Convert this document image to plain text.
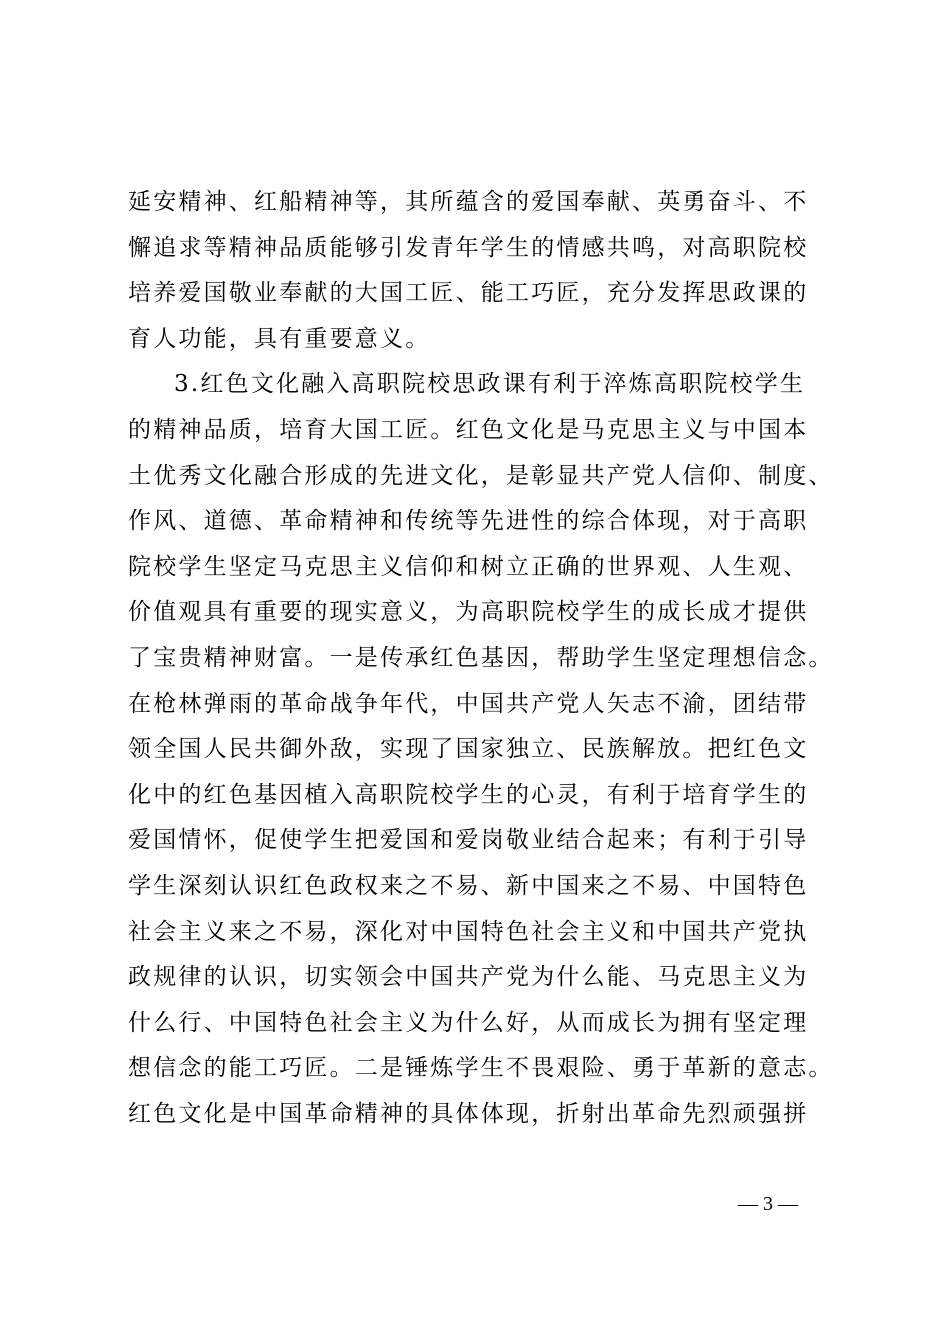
延安精神、红船精神等，其所蕴含的爱国奉献、英勇奋斗、不
懈追求等精神品质能够引发青年学生的情感共鸣，对高职院校
培养爱国敬业奉献的大国工匠、能工巧匠，充分发挥思政课的
育人功能，具有重要意义。
3.红色文化融入高职院校思政课有利于淬炼高职院校学生
的精神品质，培育大国工匠。红色文化是马克思主义与中国本
土优秀文化融合形成的先进文化，是彰显共产党人信仰、制度、
作风、道德、革命精神和传统等先进性的综合体现，对于高职
院校学生坚定马克思主义信仰和树立正确的世界观、人生观、
价值观具有重要的现实意义，为高职院校学生的成长成才提供
了宝贵精神财富。一是传承红色基因，帮助学生坚定理想信念。
在枪林弹雨的革命战争年代，中国共产党人矢志不渝，团结带
领全国人民共御外敌，实现了国家独立、民族解放。把红色文
化中的红色基因植入高职院校学生的心灵，有利于培育学生的
爱国情怀，促使学生把爱国和爱岗敬业结合起来；有利于引导
学生深刻认识红色政权来之不易、新中国来之不易、中国特色
社会主义来之不易，深化对中国特色社会主义和中国共产党执
政规律的认识，切实领会中国共产党为什么能、马克思主义为
什么行、中国特色社会主义为什么好，从而成长为拥有坚定理
想信念的能工巧匠。二是锤炼学生不畏艰险、勇于革新的意志。
红色文化是中国革命精神的具体体现，折射出革命先烈顽强拼
— 3 —
